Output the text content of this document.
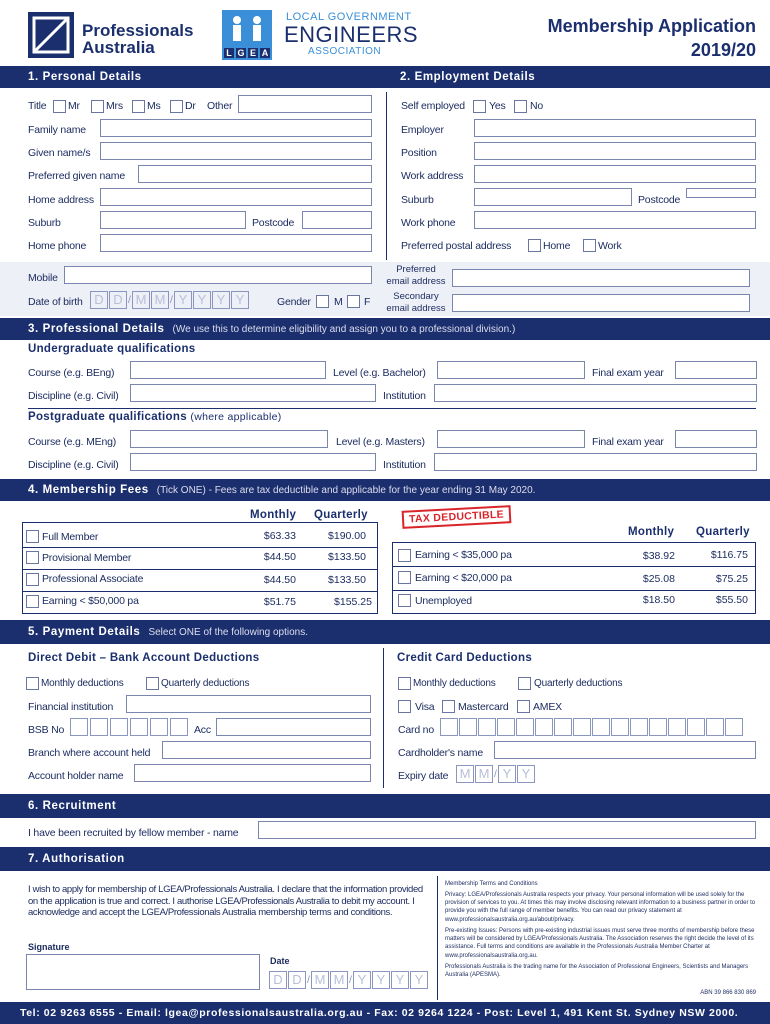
Professionals
Australia	L G E A
LOCAL GOVERNMENT
ENGINEERS
ASSOCIATION
Membership Application
2019/20
1. Personal Details	2. Employment Details
Title Mr Mrs Ms Dr Other
Family name
Given name/s
Preferred given name
Home address
Suburb	Postcode
Home phone
Self employed Yes No
Employer
Position
Work address
Suburb	Postcode
Work phone
Preferred postal address	Home	Work
Mobile
Date of birth D D / M M / Y Y Y Y	Gender M F
Preferred
email address
Secondary
email address
3. Professional Details (We use this to determine eligibility and assign you to a professional division.)
Undergraduate qualifications
Course (e.g. BEng)	Level (e.g. Bachelor)	Final exam year
Discipline (e.g. Civil)	Institution
Postgraduate qualifications (where applicable)
Course (e.g. MEng)	Level (e.g. Masters)	Final exam year
Discipline (e.g. Civil)	Institution
4. Membership Fees (Tick ONE) - Fees are tax deductible and applicable for the year ending 31 May 2020.
Monthly Quarterly	TAX DEDUCTIBLE
Monthly Quarterly
Full Member	$63.33	$190.00
Provisional Member	$44.50	$133.50
Professional Associate	$44.50	$133.50
Earning < $50,000 pa	$51.75	$155.25
Earning < $35,000 pa	$38.92	$116.75
Earning < $20,000 pa	$25.08	$75.25
Unemployed	$18.50	$55.50
5. Payment Details Select ONE of the following options.
Direct Debit – Bank Account Deductions	Credit Card Deductions
Monthly deductions	Quarterly deductions
Financial institution
BSB No	Acc
Branch where account held
Account holder name
Monthly deductions	Quarterly deductions
Visa Mastercard AMEX
Card no
Cardholder's name
Expiry date M M / Y Y
6. Recruitment
I have been recruited by fellow member - name
7. Authorisation
I wish to apply for membership of LGEA/Professionals Australia. I declare that the information provided on the application is true and correct. I authorise LGEA/Professionals Australia to debit my account. I acknowledge and accept the LGEA/Professionals Australia membership terms and conditions.
Signature
Date
D D / M M / Y Y Y Y
Membership Terms and Conditions
Privacy: LGEA/Professionals Australia respects your privacy. Your personal information will be used solely for the provision of services to you. At times this may involve disclosing relevant information to a business partner in order to provide you with the full range of member benefits. You can read our privacy statement at www.professionalsaustralia.org.au/about/privacy.
Pre-existing Issues: Persons with pre-existing industrial issues must serve three months of membership before these matters will be considered by LGEA/Professionals Australia. The Association reserves the right decide the level of its assistance. Full terms and conditions are available in the Professionals Australia Member Charter at www.professionalsaustralia.org.au.
Professionals Australia is the trading name for the Association of Professional Engineers, Scientists and Managers Australia (APESMA).
ABN 39 866 830 869
Tel: 02 9263 6555 - Email: lgea@professionalsaustralia.org.au - Fax: 02 9264 1224 - Post: Level 1, 491 Kent St. Sydney NSW 2000.
